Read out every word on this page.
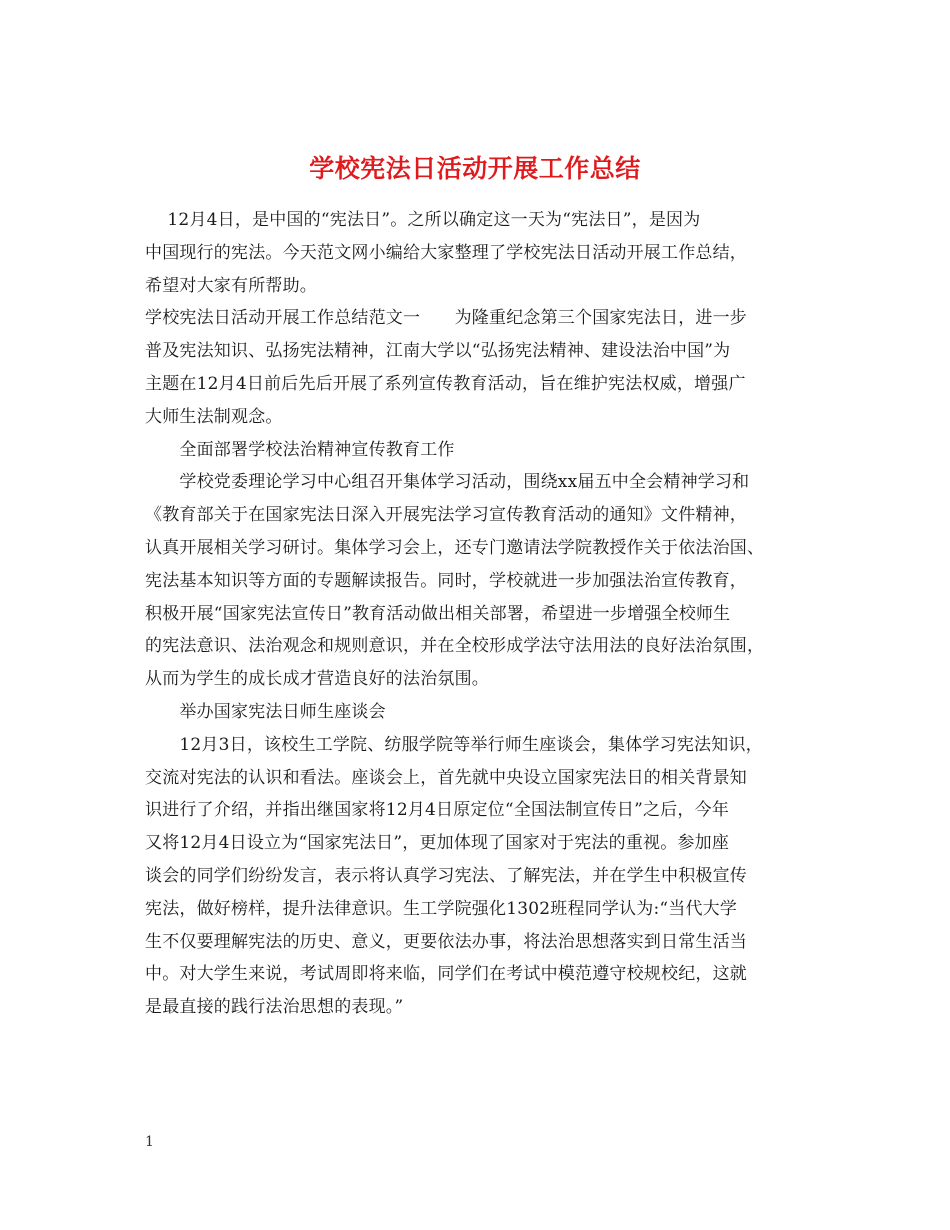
学校宪法日活动开展工作总结
12月4日，是中国的“宪法日”。之所以确定这一天为“宪法日”，是因为
中国现行的宪法。今天范文网小编给大家整理了学校宪法日活动开展工作总结，
希望对大家有所帮助。
学校宪法日活动开展工作总结范文一　　为隆重纪念第三个国家宪法日，进一步
普及宪法知识、弘扬宪法精神，江南大学以“弘扬宪法精神、建设法治中国”为
主题在12月4日前后先后开展了系列宣传教育活动，旨在维护宪法权威，增强广
大师生法制观念。
　　全面部署学校法治精神宣传教育工作
　　学校党委理论学习中心组召开集体学习活动，围绕xx届五中全会精神学习和
《教育部关于在国家宪法日深入开展宪法学习宣传教育活动的通知》文件精神，
认真开展相关学习研讨。集体学习会上，还专门邀请法学院教授作关于依法治国、
宪法基本知识等方面的专题解读报告。同时，学校就进一步加强法治宣传教育，
积极开展“国家宪法宣传日”教育活动做出相关部署，希望进一步增强全校师生
的宪法意识、法治观念和规则意识，并在全校形成学法守法用法的良好法治氛围，
从而为学生的成长成才营造良好的法治氛围。
　　举办国家宪法日师生座谈会
　　12月3日，该校生工学院、纺服学院等举行师生座谈会，集体学习宪法知识，
交流对宪法的认识和看法。座谈会上，首先就中央设立国家宪法日的相关背景知
识进行了介绍，并指出继国家将12月4日原定位“全国法制宣传日”之后，今年
又将12月4日设立为“国家宪法日”，更加体现了国家对于宪法的重视。参加座
谈会的同学们纷纷发言，表示将认真学习宪法、了解宪法，并在学生中积极宣传
宪法，做好榜样，提升法律意识。生工学院强化1302班程同学认为:“当代大学
生不仅要理解宪法的历史、意义，更要依法办事，将法治思想落实到日常生活当
中。对大学生来说，考试周即将来临，同学们在考试中模范遵守校规校纪，这就
是最直接的践行法治思想的表现。”
1
